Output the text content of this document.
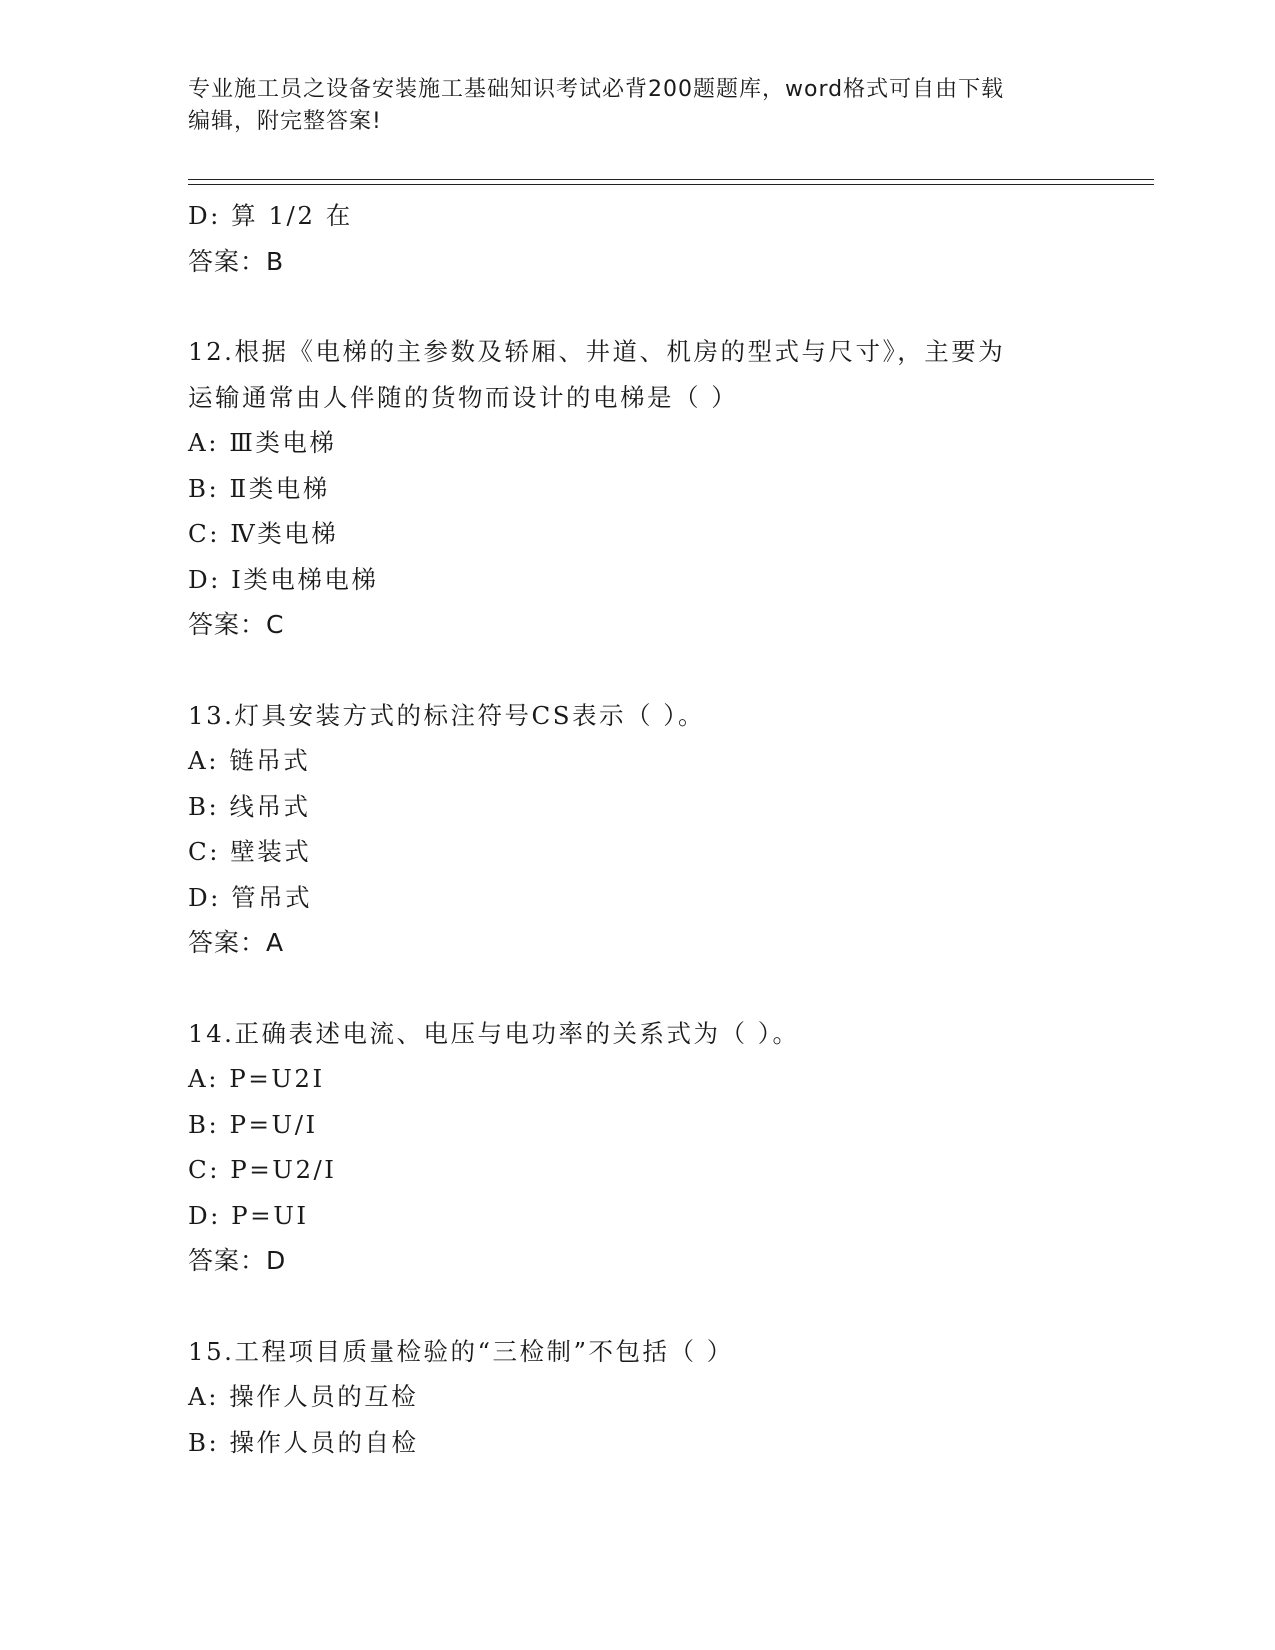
专业施工员之设备安装施工基础知识考试必背200题题库，word格式可自由下载
编辑，附完整答案!
D: 算 1/2 在
答案：B
12.根据《电梯的主参数及轿厢、井道、机房的型式与尺寸》，主要为
运输通常由人伴随的货物而设计的电梯是（ ）
A: Ⅲ类电梯
B: Ⅱ类电梯
C: Ⅳ类电梯
D: Ⅰ类电梯电梯
答案：C
13.灯具安装方式的标注符号CS表示（ ）。
A: 链吊式
B: 线吊式
C: 壁装式
D: 管吊式
答案：A
14.正确表述电流、电压与电功率的关系式为（ ）。
A: P=U2I
B: P=U/I
C: P=U2/I
D: P=UI
答案：D
15.工程项目质量检验的“三检制”不包括（ ）
A: 操作人员的互检
B: 操作人员的自检
